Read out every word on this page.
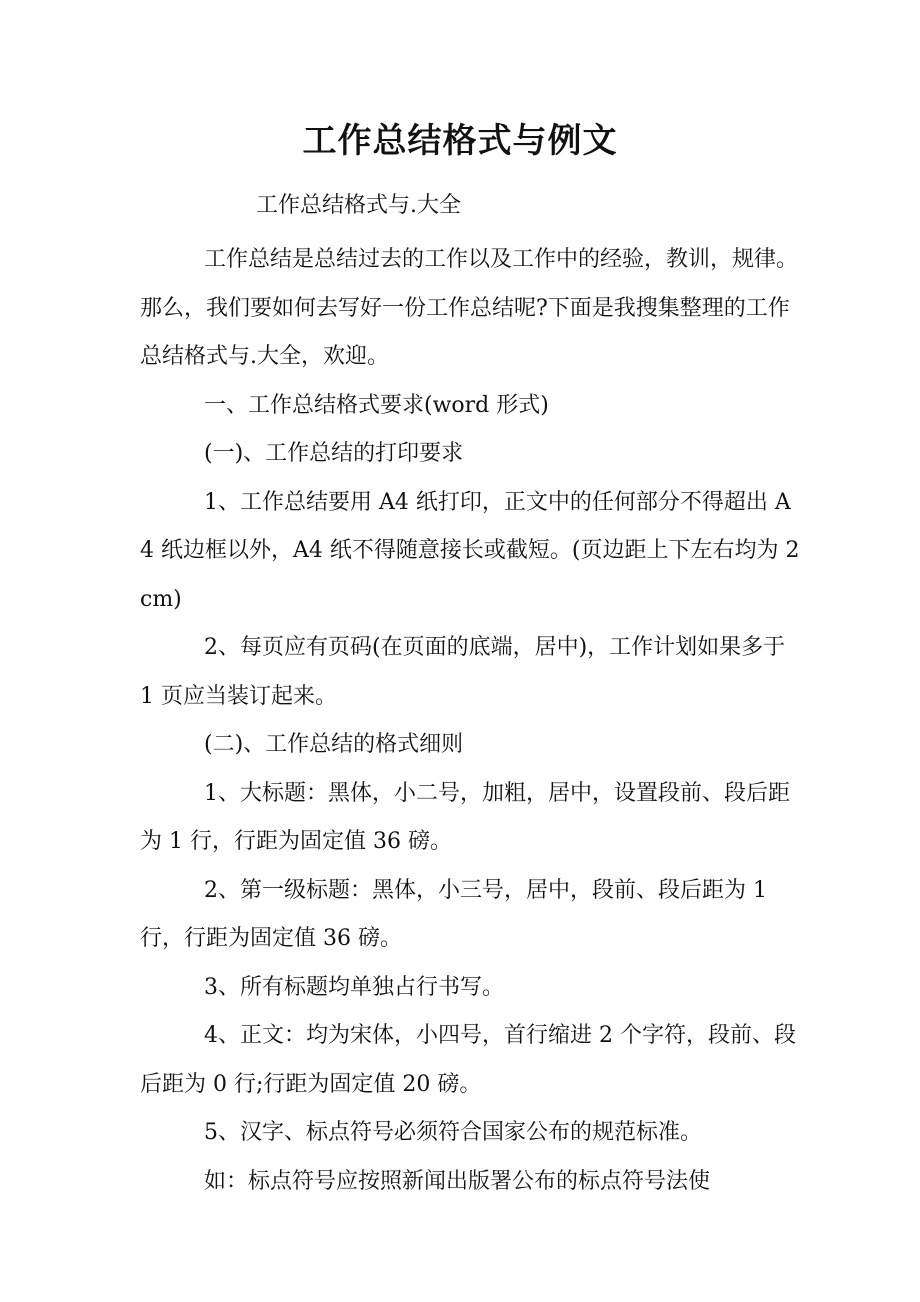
工作总结格式与例文

工作总结格式与.大全

工作总结是总结过去的工作以及工作中的经验，教训，规律。那么，我们要如何去写好一份工作总结呢?下面是我搜集整理的工作总结格式与.大全，欢迎。

一、工作总结格式要求(word 形式)

(一)、工作总结的打印要求

1、工作总结要用 A4 纸打印，正文中的任何部分不得超出 A4 纸边框以外，A4 纸不得随意接长或截短。(页边距上下左右均为 2cm)

2、每页应有页码(在页面的底端，居中)，工作计划如果多于 1 页应当装订起来。

(二)、工作总结的格式细则

1、大标题：黑体，小二号，加粗，居中，设置段前、段后距为 1 行，行距为固定值 36 磅。

2、第一级标题：黑体，小三号，居中，段前、段后距为 1 行，行距为固定值 36 磅。

3、所有标题均单独占行书写。

4、正文：均为宋体，小四号，首行缩进 2 个字符，段前、段后距为 0 行;行距为固定值 20 磅。

5、汉字、标点符号必须符合国家公布的规范标准。

如：标点符号应按照新闻出版署公布的标点符号法使
